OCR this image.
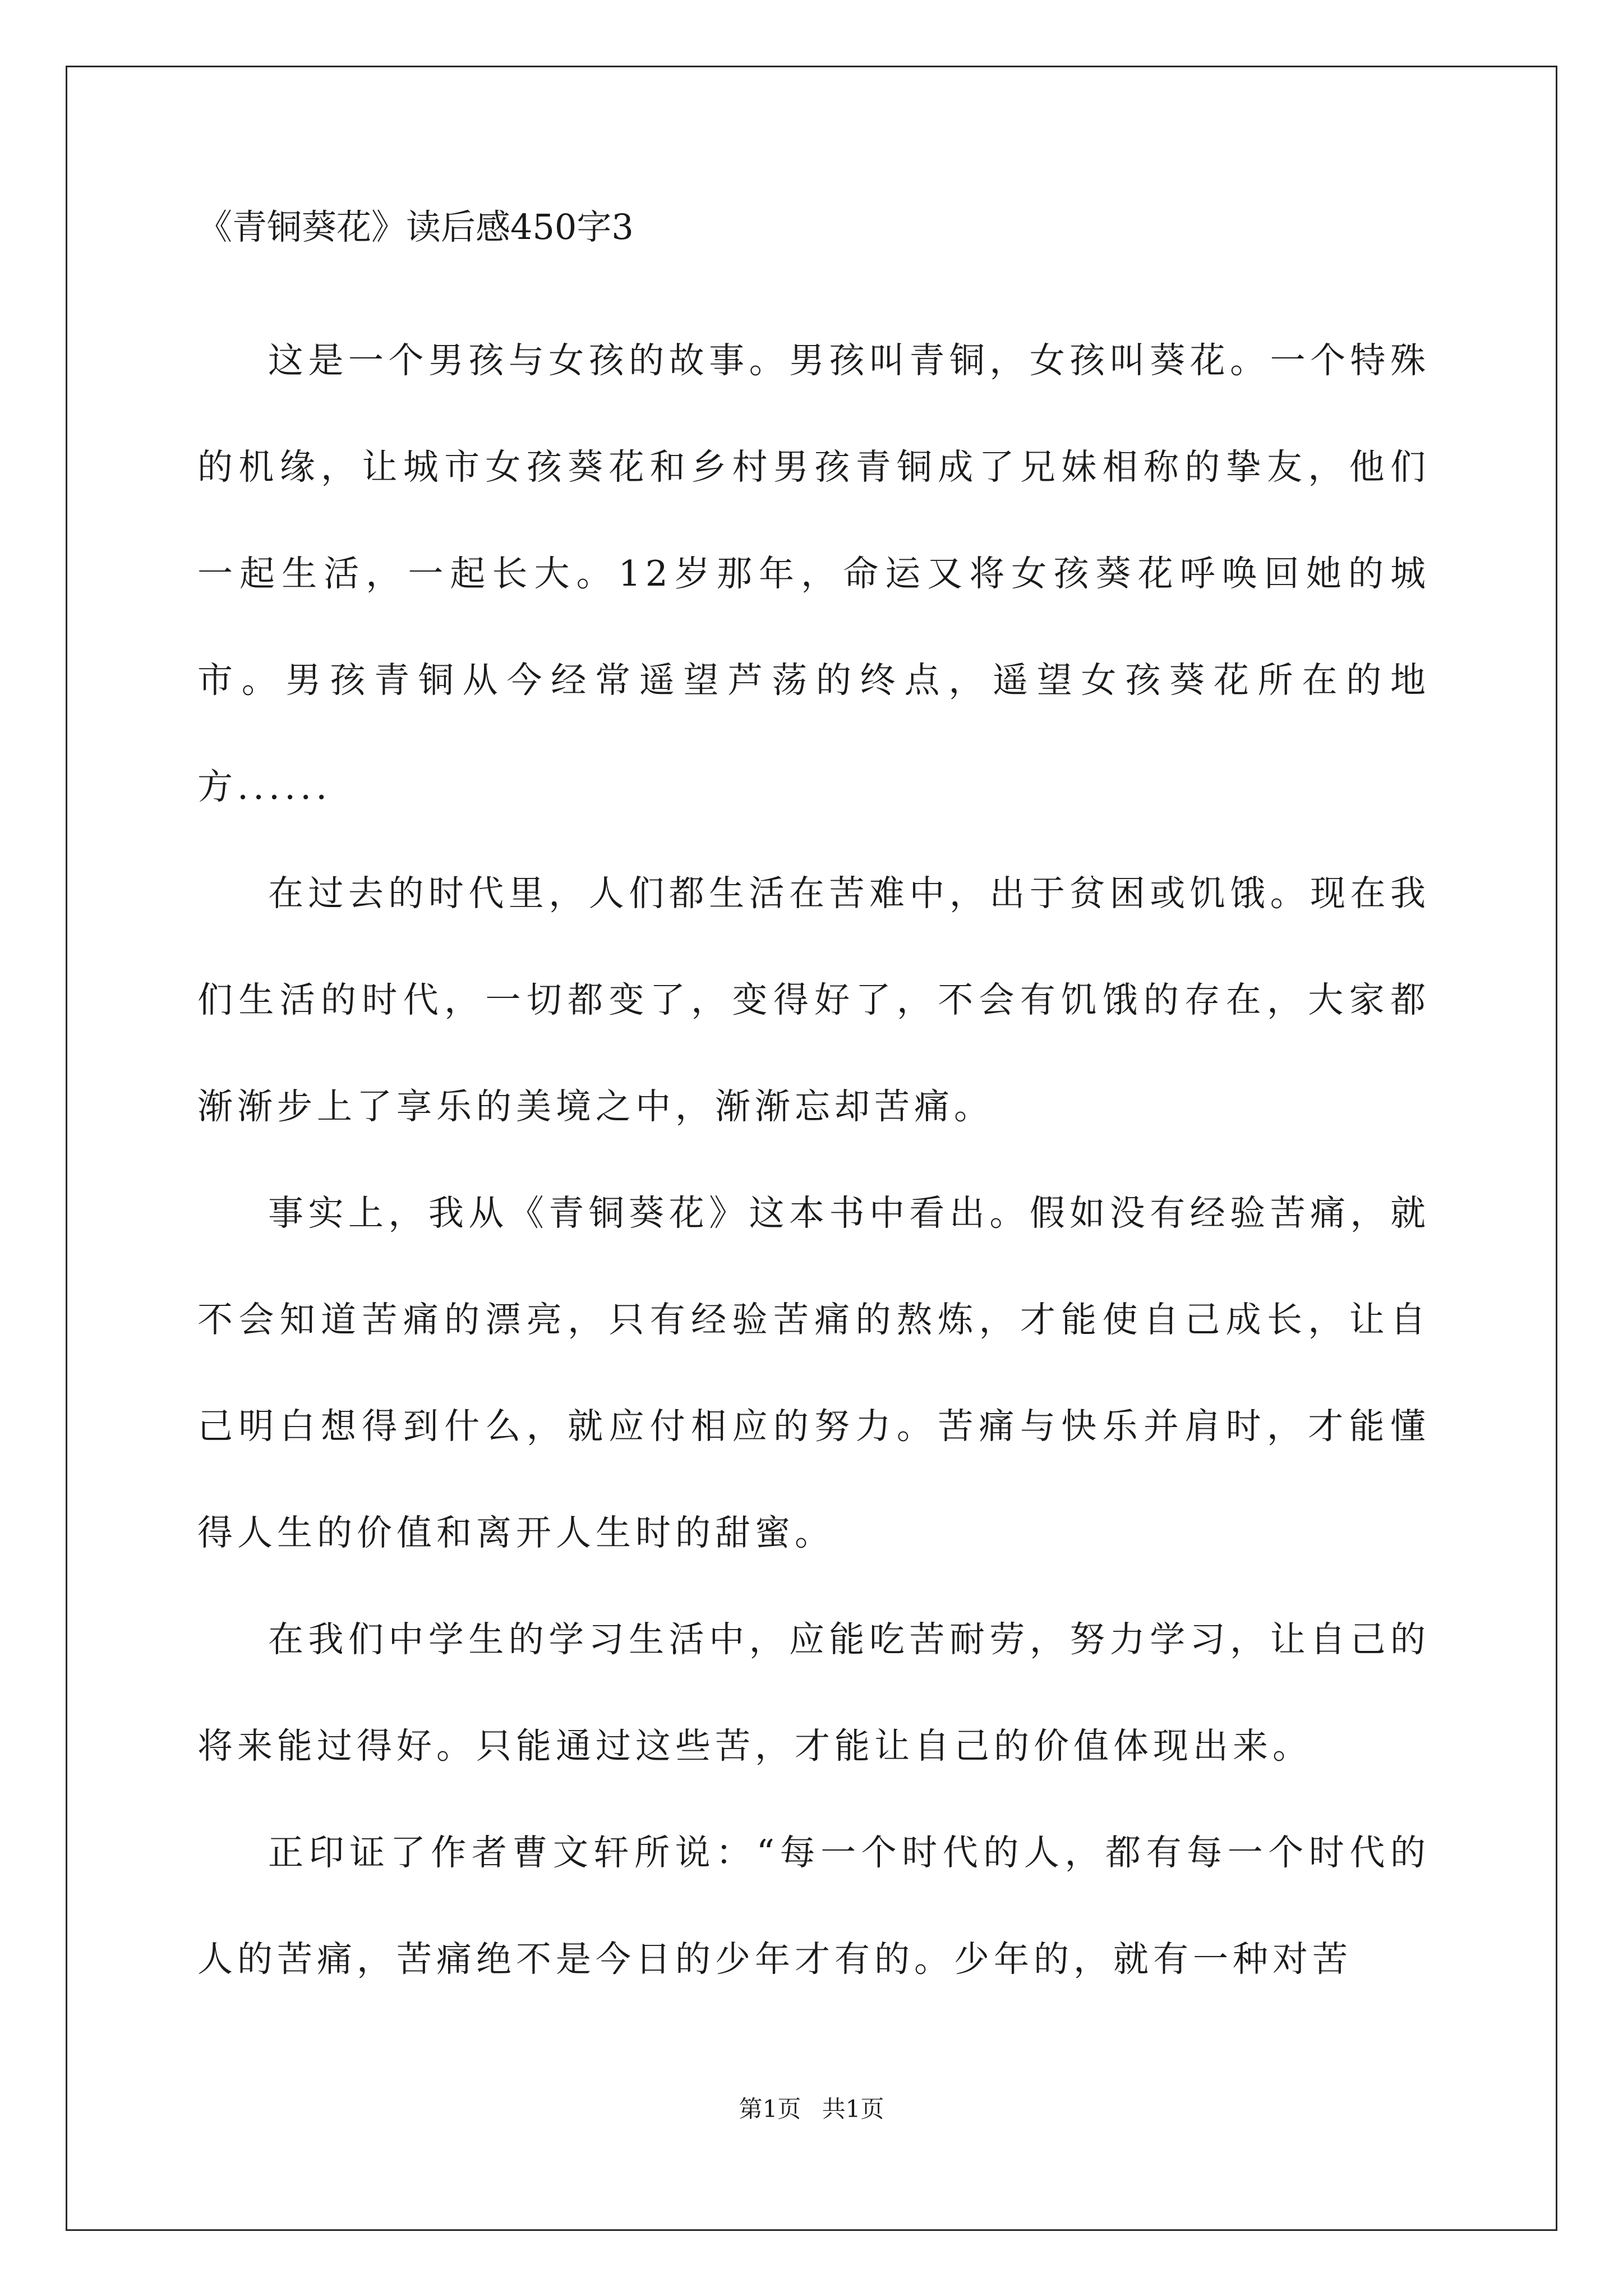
《青铜葵花》读后感450字3

这是一个男孩与女孩的故事。男孩叫青铜，女孩叫葵花。一个特殊的机缘，让城市女孩葵花和乡村男孩青铜成了兄妹相称的挚友，他们一起生活，一起长大。12岁那年，命运又将女孩葵花呼唤回她的城市。男孩青铜从今经常遥望芦荡的终点，遥望女孩葵花所在的地方......

在过去的时代里，人们都生活在苦难中，出于贫困或饥饿。现在我们生活的时代，一切都变了，变得好了，不会有饥饿的存在，大家都渐渐步上了享乐的美境之中，渐渐忘却苦痛。

事实上，我从《青铜葵花》这本书中看出。假如没有经验苦痛，就不会知道苦痛的漂亮，只有经验苦痛的熬炼，才能使自己成长，让自己明白想得到什么，就应付相应的努力。苦痛与快乐并肩时，才能懂得人生的价值和离开人生时的甜蜜。

在我们中学生的学习生活中，应能吃苦耐劳，努力学习，让自己的将来能过得好。只能通过这些苦，才能让自己的价值体现出来。

正印证了作者曹文轩所说：“每一个时代的人，都有每一个时代的人的苦痛，苦痛绝不是今日的少年才有的。少年的，就有一种对苦

第1页 共1页
